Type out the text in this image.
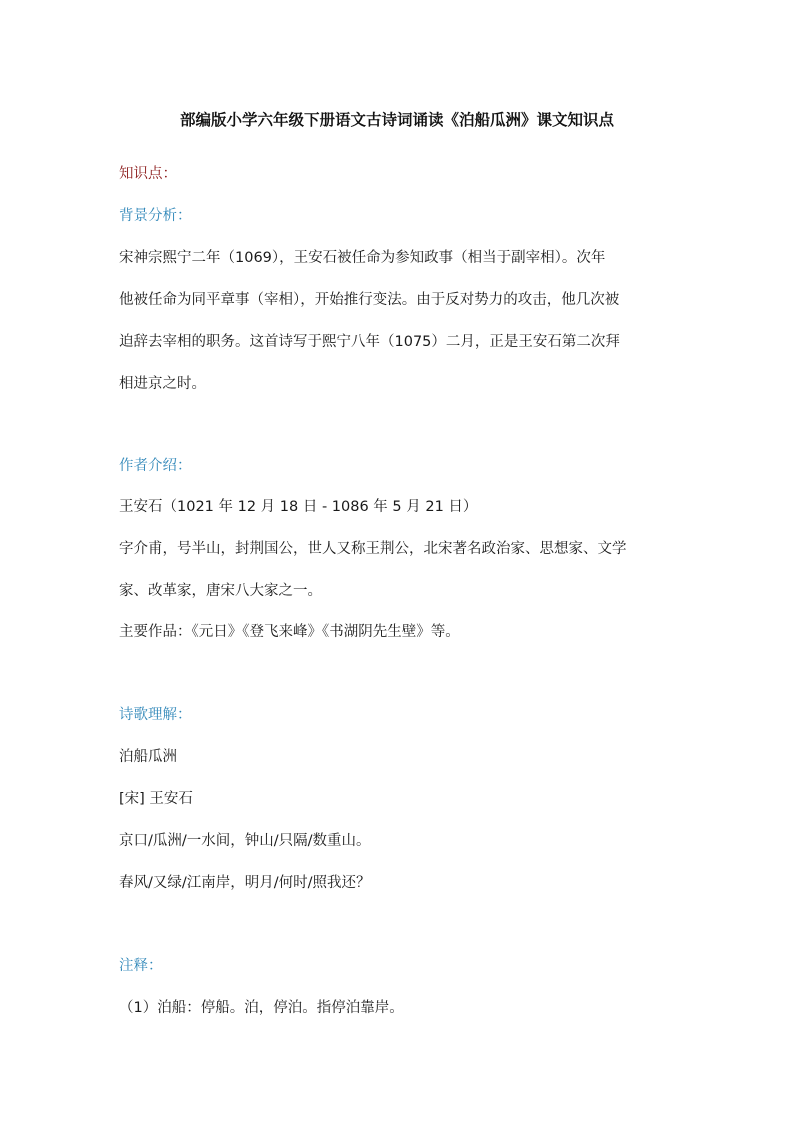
部编版小学六年级下册语文古诗词诵读《泊船瓜洲》课文知识点
知识点：
背景分析：
宋神宗熙宁二年（1069），王安石被任命为参知政事（相当于副宰相）。次年
他被任命为同平章事（宰相），开始推行变法。由于反对势力的攻击，他几次被
迫辞去宰相的职务。这首诗写于熙宁八年（1075）二月，正是王安石第二次拜
相进京之时。
作者介绍：
王安石（1021 年 12 月 18 日 - 1086 年 5 月 21 日）
字介甫，号半山，封荆国公，世人又称王荆公，北宋著名政治家、思想家、文学
家、改革家，唐宋八大家之一。
主要作品：《元日》《登飞来峰》《书湖阴先生壁》等。
诗歌理解：
泊船瓜洲
[宋] 王安石
京口/瓜洲/一水间，钟山/只隔/数重山。
春风/又绿/江南岸，明月/何时/照我还？
注释：
（1）泊船：停船。泊，停泊。指停泊靠岸。
